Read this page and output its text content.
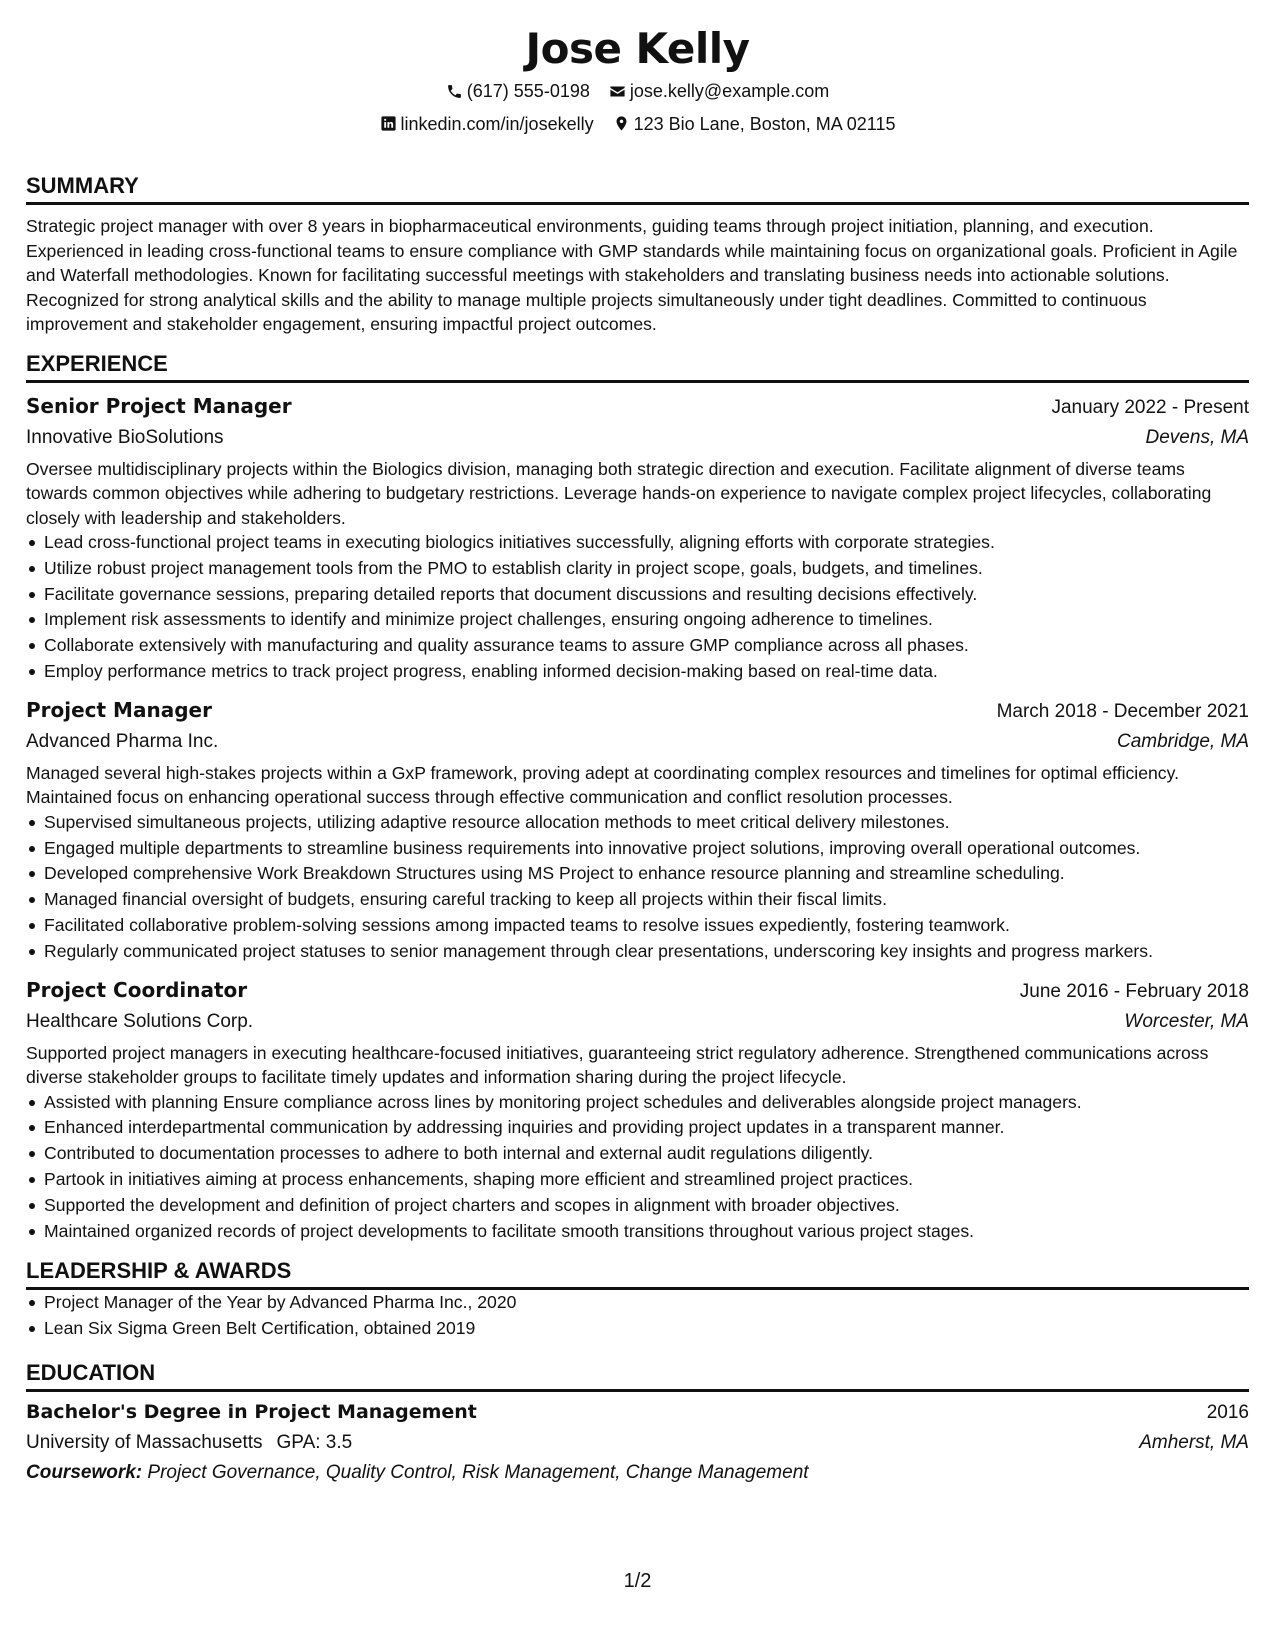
Jose Kelly
(617) 555-0198
jose.kelly@example.com
linkedin.com/in/josekelly
123 Bio Lane, Boston, MA 02115
SUMMARY
Strategic project manager with over 8 years in biopharmaceutical environments, guiding teams through project initiation, planning, and execution. Experienced in leading cross-functional teams to ensure compliance with GMP standards while maintaining focus on organizational goals. Proficient in Agile and Waterfall methodologies. Known for facilitating successful meetings with stakeholders and translating business needs into actionable solutions. Recognized for strong analytical skills and the ability to manage multiple projects simultaneously under tight deadlines. Committed to continuous improvement and stakeholder engagement, ensuring impactful project outcomes.
EXPERIENCE
Senior Project Manager	January 2022 - Present
Innovative BioSolutions	Devens, MA
Oversee multidisciplinary projects within the Biologics division, managing both strategic direction and execution. Facilitate alignment of diverse teams towards common objectives while adhering to budgetary restrictions. Leverage hands-on experience to navigate complex project lifecycles, collaborating closely with leadership and stakeholders.
Lead cross-functional project teams in executing biologics initiatives successfully, aligning efforts with corporate strategies.
Utilize robust project management tools from the PMO to establish clarity in project scope, goals, budgets, and timelines.
Facilitate governance sessions, preparing detailed reports that document discussions and resulting decisions effectively.
Implement risk assessments to identify and minimize project challenges, ensuring ongoing adherence to timelines.
Collaborate extensively with manufacturing and quality assurance teams to assure GMP compliance across all phases.
Employ performance metrics to track project progress, enabling informed decision-making based on real-time data.
Project Manager	March 2018 - December 2021
Advanced Pharma Inc.	Cambridge, MA
Managed several high-stakes projects within a GxP framework, proving adept at coordinating complex resources and timelines for optimal efficiency. Maintained focus on enhancing operational success through effective communication and conflict resolution processes.
Supervised simultaneous projects, utilizing adaptive resource allocation methods to meet critical delivery milestones.
Engaged multiple departments to streamline business requirements into innovative project solutions, improving overall operational outcomes.
Developed comprehensive Work Breakdown Structures using MS Project to enhance resource planning and streamline scheduling.
Managed financial oversight of budgets, ensuring careful tracking to keep all projects within their fiscal limits.
Facilitated collaborative problem-solving sessions among impacted teams to resolve issues expediently, fostering teamwork.
Regularly communicated project statuses to senior management through clear presentations, underscoring key insights and progress markers.
Project Coordinator	June 2016 - February 2018
Healthcare Solutions Corp.	Worcester, MA
Supported project managers in executing healthcare-focused initiatives, guaranteeing strict regulatory adherence. Strengthened communications across diverse stakeholder groups to facilitate timely updates and information sharing during the project lifecycle.
Assisted with planning Ensure compliance across lines by monitoring project schedules and deliverables alongside project managers.
Enhanced interdepartmental communication by addressing inquiries and providing project updates in a transparent manner.
Contributed to documentation processes to adhere to both internal and external audit regulations diligently.
Partook in initiatives aiming at process enhancements, shaping more efficient and streamlined project practices.
Supported the development and definition of project charters and scopes in alignment with broader objectives.
Maintained organized records of project developments to facilitate smooth transitions throughout various project stages.
LEADERSHIP & AWARDS
Project Manager of the Year by Advanced Pharma Inc., 2020
Lean Six Sigma Green Belt Certification, obtained 2019
EDUCATION
Bachelor's Degree in Project Management	2016
University of Massachusetts GPA: 3.5	Amherst, MA
Coursework: Project Governance, Quality Control, Risk Management, Change Management
1/2
